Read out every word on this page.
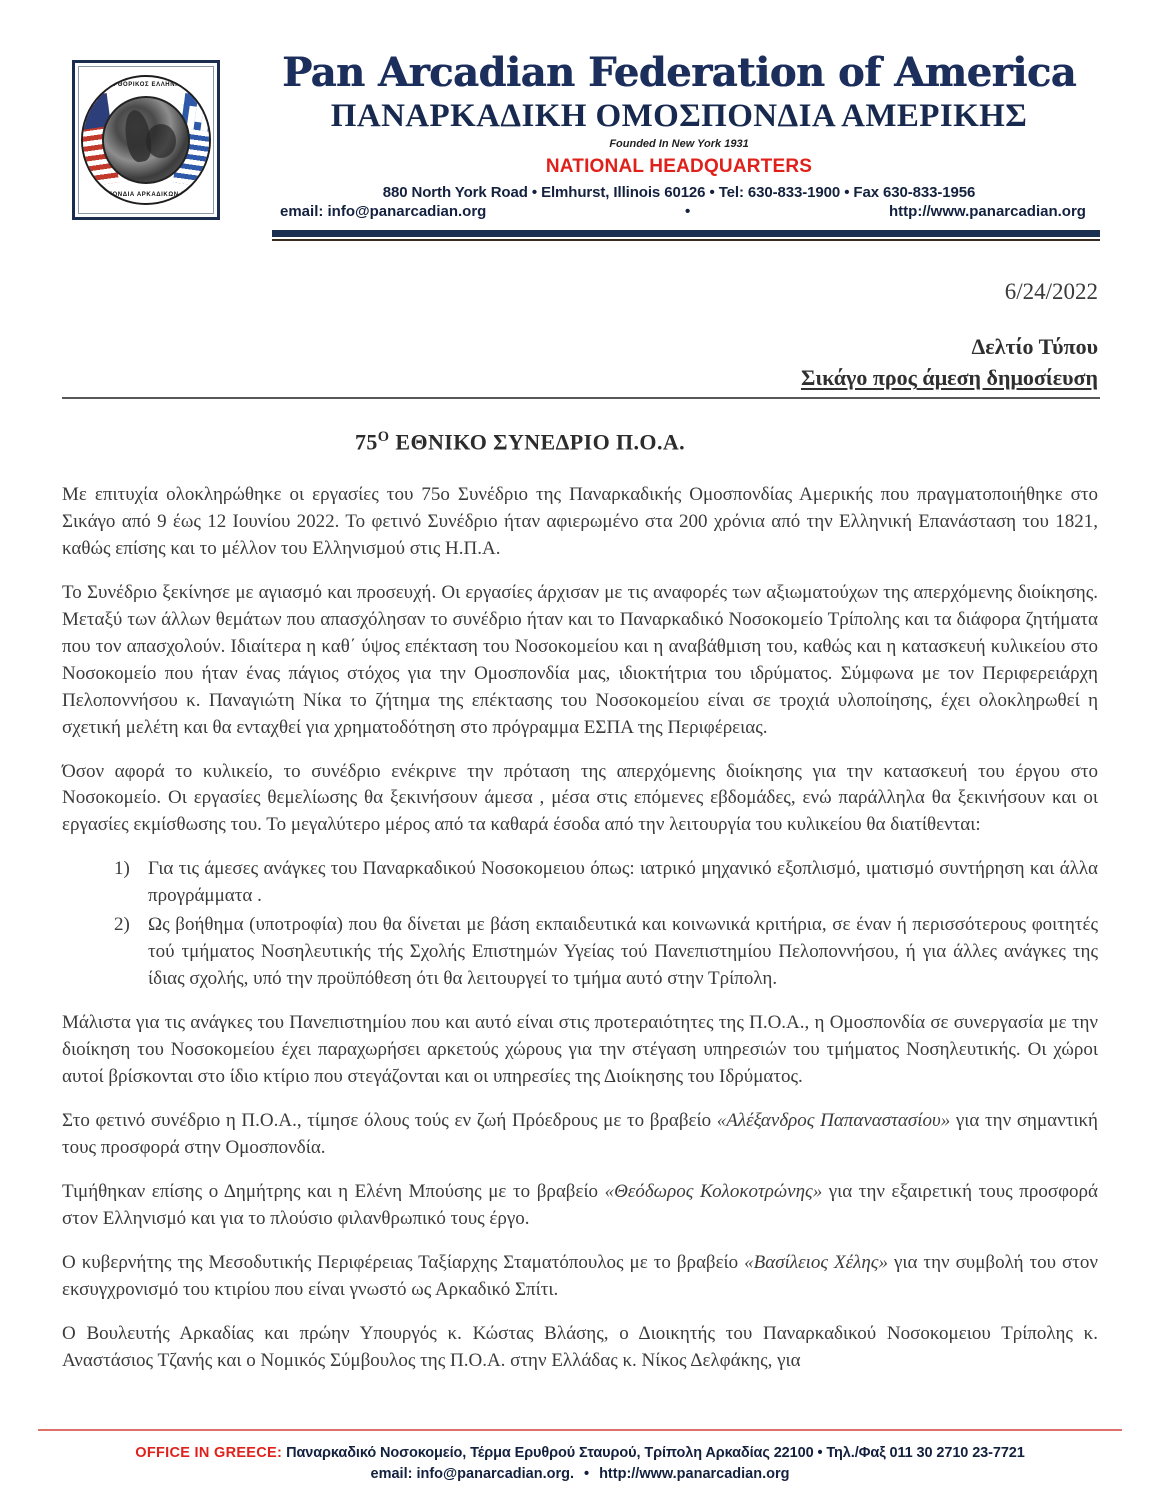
ΑΔΙΑΦΘΟΡΙΚΟΣ ΕΛΛΗΝΙΣΜΟΣ
ΟΜΟΣΠΟΝΔΙΑ ΑΡΚΑΔΙΚΩΝ ΕΡΓΩΝ
Pan Arcadian Federation of America
ΠΑΝΑΡΚΑΔΙΚΗ ΟΜΟΣΠΟΝΔΙΑ ΑΜΕΡΙΚΗΣ
Founded In New York 1931
NATIONAL HEADQUARTERS
880 North York Road • Elmhurst, Illinois 60126 • Tel: 630-833-1900 • Fax 630-833-1956
email: info@panarcadian.org	•	http://www.panarcadian.org
6/24/2022
Δελτίο Τύπου
Σικάγο προς άμεση δημοσίευση
$75^O$ ΕΘΝΙΚΟ ΣΥΝΕΔΡΙΟ Π.Ο.Α.

Με επιτυχία ολοκληρώθηκε οι εργασίες του 75ο Συνέδριο της Παναρκαδικής Ομοσπονδίας Αμερικής που πραγματοποιήθηκε στο Σικάγο από 9 έως 12 Ιουνίου 2022. Το φετινό Συνέδριο ήταν αφιερωμένο στα 200 χρόνια από την Ελληνική Επανάσταση του 1821, καθώς επίσης και το μέλλον του Ελληνισμού στις Η.Π.Α.

Το Συνέδριο ξεκίνησε με αγιασμό και προσευχή. Οι εργασίες άρχισαν με τις αναφορές των αξιωματούχων της απερχόμενης διοίκησης. Μεταξύ των άλλων θεμάτων που απασχόλησαν το συνέδριο ήταν και το Παναρκαδικό Νοσοκομείο Τρίπολης και τα διάφορα ζητήματα που τον απασχολούν. Ιδιαίτερα η καθ΄ ύψος επέκταση του Νοσοκομείου και η αναβάθμιση του, καθώς και η κατασκευή κυλικείου στο Νοσοκομείο που ήταν ένας πάγιος στόχος για την Ομοσπονδία μας, ιδιοκτήτρια του ιδρύματος. Σύμφωνα με τον Περιφερειάρχη Πελοποννήσου κ. Παναγιώτη Νίκα το ζήτημα της επέκτασης του Νοσοκομείου είναι σε τροχιά υλοποίησης, έχει ολοκληρωθεί η σχετική μελέτη και θα ενταχθεί για χρηματοδότηση στο πρόγραμμα ΕΣΠΑ της Περιφέρειας.

Όσον αφορά το κυλικείο, το συνέδριο ενέκρινε την πρόταση της απερχόμενης διοίκησης για την κατασκευή του έργου στο Νοσοκομείο. Οι εργασίες θεμελίωσης θα ξεκινήσουν άμεσα , μέσα στις επόμενες εβδομάδες, ενώ παράλληλα θα ξεκινήσουν και οι εργασίες εκμίσθωσης του. Το μεγαλύτερο μέρος από τα καθαρά έσοδα από την λειτουργία του κυλικείου θα διατίθενται:

Για τις άμεσες ανάγκες του Παναρκαδικού Νοσοκομειου όπως: ιατρικό μηχανικό εξοπλισμό, ιματισμό συντήρηση και άλλα προγράμματα .
Ως βοήθημα (υποτροφία) που θα δίνεται με βάση εκπαιδευτικά και κοινωνικά κριτήρια, σε έναν ή περισσότερους φοιτητές τού τμήματος Νοσηλευτικής τής Σχολής Επιστημών Υγείας τού Πανεπιστημίου Πελοποννήσου, ή για άλλες ανάγκες της ίδιας σχολής, υπό την προϋπόθεση ότι θα λειτουργεί το τμήμα αυτό στην Τρίπολη.

Μάλιστα για τις ανάγκες του Πανεπιστημίου που και αυτό είναι στις προτεραιότητες της Π.Ο.Α., η Ομοσπονδία σε συνεργασία με την διοίκηση του Νοσοκομείου έχει παραχωρήσει αρκετούς χώρους για την στέγαση υπηρεσιών του τμήματος Νοσηλευτικής. Οι χώροι αυτοί βρίσκονται στο ίδιο κτίριο που στεγάζονται και οι υπηρεσίες της Διοίκησης του Ιδρύματος.

Στο φετινό συνέδριο η Π.Ο.Α., τίμησε όλους τούς εν ζωή Πρόεδρους με το βραβείο «Αλέξανδρος Παπαναστασίου» για την σημαντική τους προσφορά στην Ομοσπονδία.

Τιμήθηκαν επίσης ο Δημήτρης και η Ελένη Μπούσης με το βραβείο «Θεόδωρος Κολοκοτρώνης» για την εξαιρετική τους προσφορά στον Ελληνισμό και για το πλούσιο φιλανθρωπικό τους έργο.

Ο κυβερνήτης της Μεσοδυτικής Περιφέρειας Ταξίαρχης Σταματόπουλος με το βραβείο «Βασίλειος Χέλης» για την συμβολή του στον εκσυγχρονισμό του κτιρίου που είναι γνωστό ως Αρκαδικό Σπίτι.

Ο Βουλευτής Αρκαδίας και πρώην Υπουργός κ. Κώστας Βλάσης, ο Διοικητής του Παναρκαδικού Νοσοκομειου Τρίπολης κ. Αναστάσιος Τζανής και ο Νομικός Σύμβουλος της Π.Ο.Α. στην Ελλάδας κ. Νίκος Δελφάκης, για

OFFICE IN GREECE: Παναρκαδικό Νοσοκομείο, Τέρμα Ερυθρού Σταυρού, Τρίπολη Αρκαδίας 22100 • Τηλ./Φαξ 011 30 2710 23-7721
email: info@panarcadian.org. • http://www.panarcadian.org
